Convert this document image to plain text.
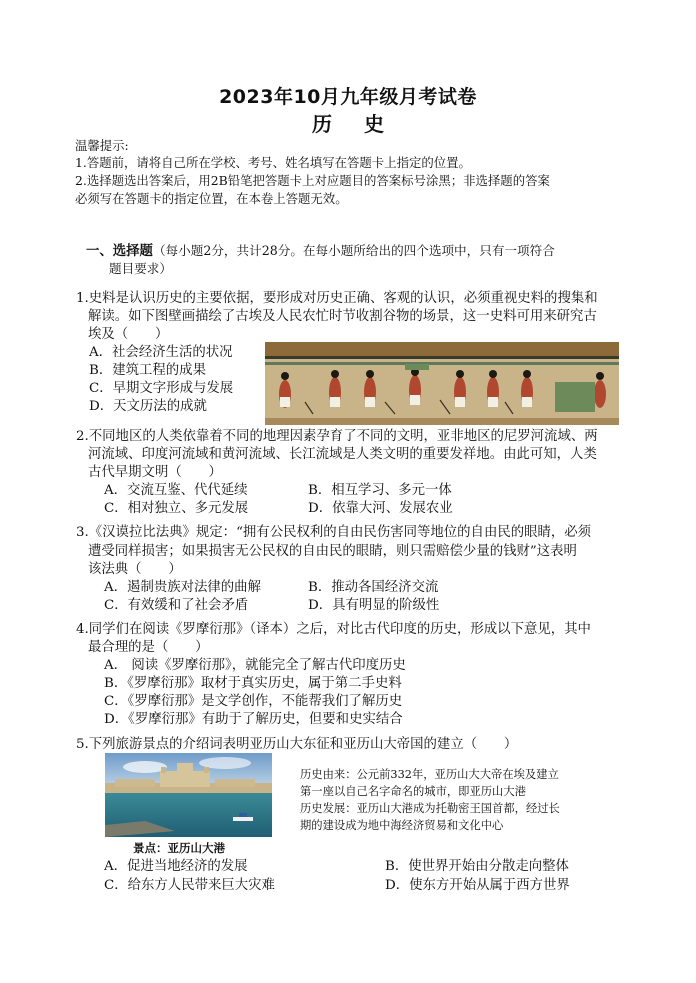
2023年10月九年级月考试卷
历 史
温馨提示:
1.答题前，请将自己所在学校、考号、姓名填写在答题卡上指定的位置。
2.选择题选出答案后，用2B铅笔把答题卡上对应题目的答案标号涂黑；非选择题的答案
必须写在答题卡的指定位置，在本卷上答题无效。
一、选择题（每小题2分，共计28分。在每小题所给出的四个选项中，只有一项符合
题目要求）
1.史料是认识历史的主要依据，要形成对历史正确、客观的认识，必须重视史料的搜集和
解读。如下图壁画描绘了古埃及人民农忙时节收割谷物的场景，这一史料可用来研究古
埃及（　　）
A．社会经济生活的状况
B．建筑工程的成果
C．早期文字形成与发展
D．天文历法的成就
2.不同地区的人类依靠着不同的地理因素孕育了不同的文明，亚非地区的尼罗河流域、两
河流域、印度河流域和黄河流域、长江流域是人类文明的重要发祥地。由此可知，人类
古代早期文明（　　）
A．交流互鉴、代代延续	B．相互学习、多元一体
C．相对独立、多元发展	D．依靠大河、发展农业
3.《汉谟拉比法典》规定：“拥有公民权利的自由民伤害同等地位的自由民的眼睛，必须
遭受同样损害；如果损害无公民权的自由民的眼睛，则只需赔偿少量的钱财”这表明
该法典（　　）
A．遏制贵族对法律的曲解	B．推动各国经济交流
C．有效缓和了社会矛盾	D．具有明显的阶级性
4.同学们在阅读《罗摩衍那》（译本）之后，对比古代印度的历史，形成以下意见，其中
最合理的是（　　）
A． 阅读《罗摩衍那》，就能完全了解古代印度历史
B．《罗摩衍那》取材于真实历史，属于第二手史料
C．《罗摩衍那》是文学创作，不能帮我们了解历史
D．《罗摩衍那》有助于了解历史，但要和史实结合
5.下列旅游景点的介绍词表明亚历山大东征和亚历山大帝国的建立（　　）
景点：亚历山大港
历史由来：公元前332年，亚历山大大帝在埃及建立
第一座以自己名字命名的城市，即亚历山大港
历史发展：亚历山大港成为托勒密王国首都，经过长
期的建设成为地中海经济贸易和文化中心
A．促进当地经济的发展	B．使世界开始由分散走向整体
C．给东方人民带来巨大灾难	D．使东方开始从属于西方世界
